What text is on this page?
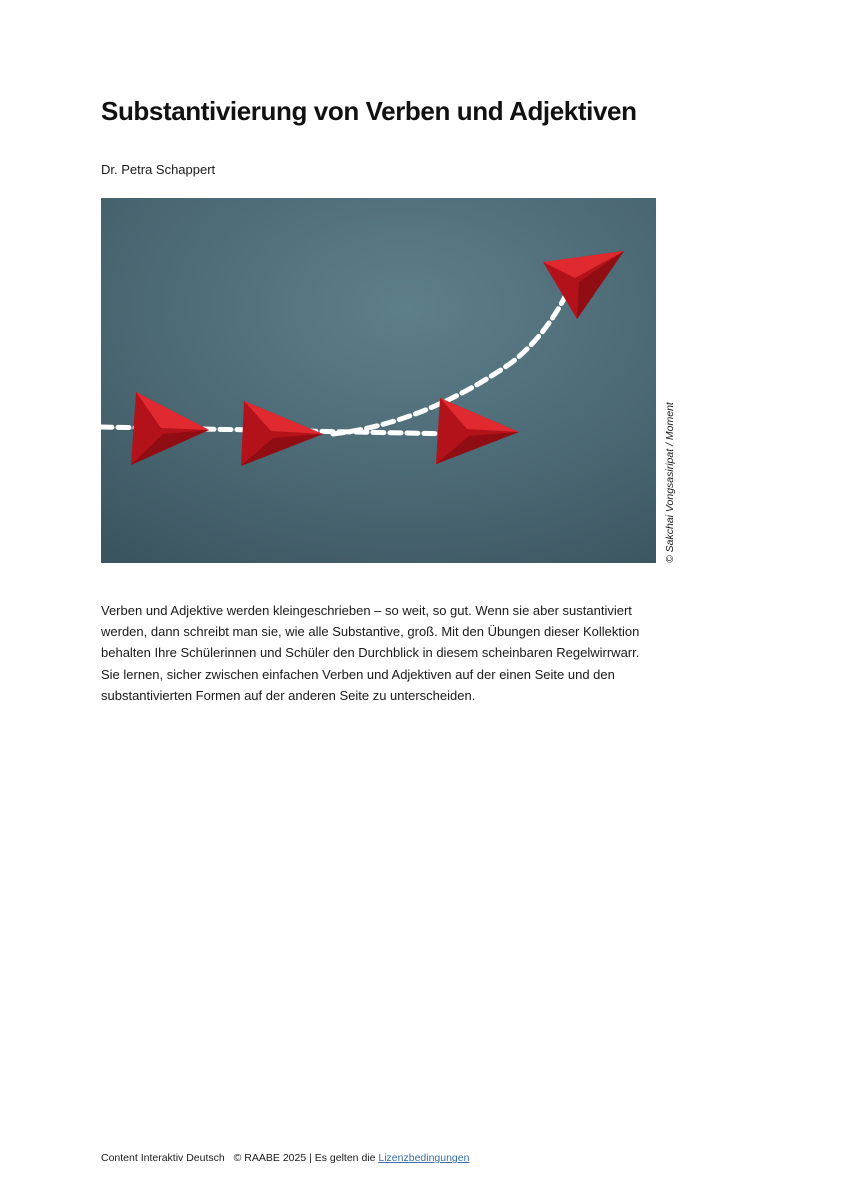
Substantivierung von Verben und Adjektiven
Dr. Petra Schappert
© Sakchai Vongsasiripat / Moment

Verben und Adjektive werden kleingeschrieben – so weit, so gut. Wenn sie aber sustantiviert werden, dann schreibt man sie, wie alle Substantive, groß. Mit den Übungen dieser Kollektion behalten Ihre Schülerinnen und Schüler den Durchblick in diesem scheinbaren Regelwirrwarr. Sie lernen, sicher zwischen einfachen Verben und Adjektiven auf der einen Seite und den substantivierten Formen auf der anderen Seite zu unterscheiden.

Content Interaktiv Deutsch © RAABE 2025 | Es gelten die Lizenzbedingungen
